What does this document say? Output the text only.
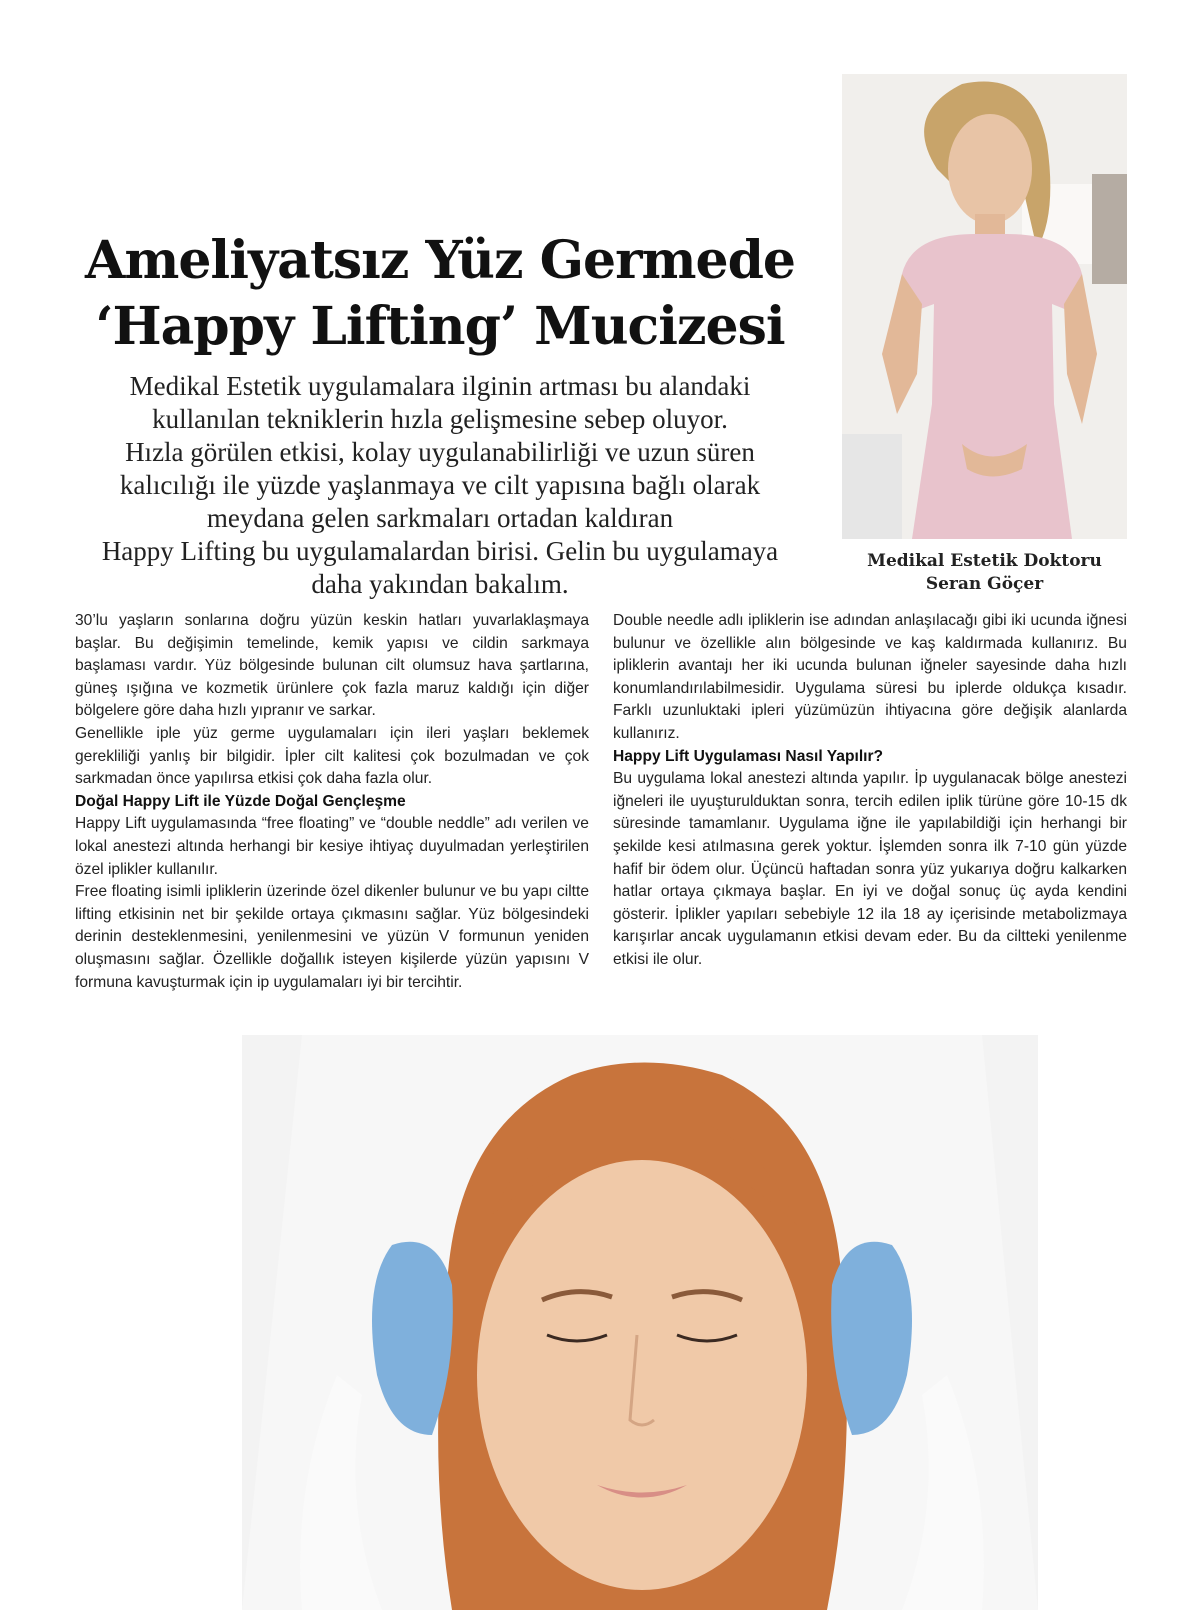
Ameliyatsız Yüz Germede
‘Happy Lifting’ Mucizesi
Medikal Estetik uygulamalara ilginin artması bu alandaki
kullanılan tekniklerin hızla gelişmesine sebep oluyor.
Hızla görülen etkisi, kolay uygulanabilirliği ve uzun süren
kalıcılığı ile yüzde yaşlanmaya ve cilt yapısına bağlı olarak
meydana gelen sarkmaları ortadan kaldıran
Happy Lifting bu uygulamalardan birisi. Gelin bu uygulamaya
daha yakından bakalım.
Medikal Estetik Doktoru
Seran Göçer

30’lu yaşların sonlarına doğru yüzün keskin hatları yuvarlaklaşmaya başlar. Bu değişimin temelinde, kemik yapısı ve cildin sarkmaya başlaması vardır. Yüz bölgesinde bulunan cilt olumsuz hava şartlarına, güneş ışığına ve kozmetik ürünlere çok fazla maruz kaldığı için diğer bölgelere göre daha hızlı yıpranır ve sarkar.

Genellikle iple yüz germe uygulamaları için ileri yaşları beklemek gerekliliği yanlış bir bilgidir. İpler cilt kalitesi çok bozulmadan ve çok sarkmadan önce yapılırsa etkisi çok daha fazla olur.

Doğal Happy Lift ile Yüzde Doğal Gençleşme

Happy Lift uygulamasında “free floating” ve “double neddle” adı verilen ve lokal anestezi altında herhangi bir kesiye ihtiyaç duyulmadan yerleştirilen özel iplikler kullanılır.

Free floating isimli ipliklerin üzerinde özel dikenler bulunur ve bu yapı ciltte lifting etkisinin net bir şekilde ortaya çıkmasını sağlar. Yüz bölgesindeki derinin desteklenmesini, yenilenmesini ve yüzün V formunun yeniden oluşmasını sağlar. Özellikle doğallık isteyen kişilerde yüzün yapısını V formuna kavuşturmak için ip uygulamaları iyi bir tercihtir.

Double needle adlı ipliklerin ise adından anlaşılacağı gibi iki ucunda iğnesi bulunur ve özellikle alın bölgesinde ve kaş kaldırmada kullanırız. Bu ipliklerin avantajı her iki ucunda bulunan iğneler sayesinde daha hızlı konumlandırılabilmesidir. Uygulama süresi bu iplerde oldukça kısadır. Farklı uzunluktaki ipleri yüzümüzün ihtiyacına göre değişik alanlarda kullanırız.

Happy Lift Uygulaması Nasıl Yapılır?

Bu uygulama lokal anestezi altında yapılır. İp uygulanacak bölge anestezi iğneleri ile uyuşturulduktan sonra, tercih edilen iplik türüne göre 10-15 dk süresinde tamamlanır. Uygulama iğne ile yapılabildiği için herhangi bir şekilde kesi atılmasına gerek yoktur. İşlemden sonra ilk 7-10 gün yüzde hafif bir ödem olur. Üçüncü haftadan sonra yüz yukarıya doğru kalkarken hatlar ortaya çıkmaya başlar. En iyi ve doğal sonuç üç ayda kendini gösterir. İplikler yapıları sebebiyle 12 ila 18 ay içerisinde metabolizmaya karışırlar ancak uygulamanın etkisi devam eder. Bu da ciltteki yenilenme etkisi ile olur.
